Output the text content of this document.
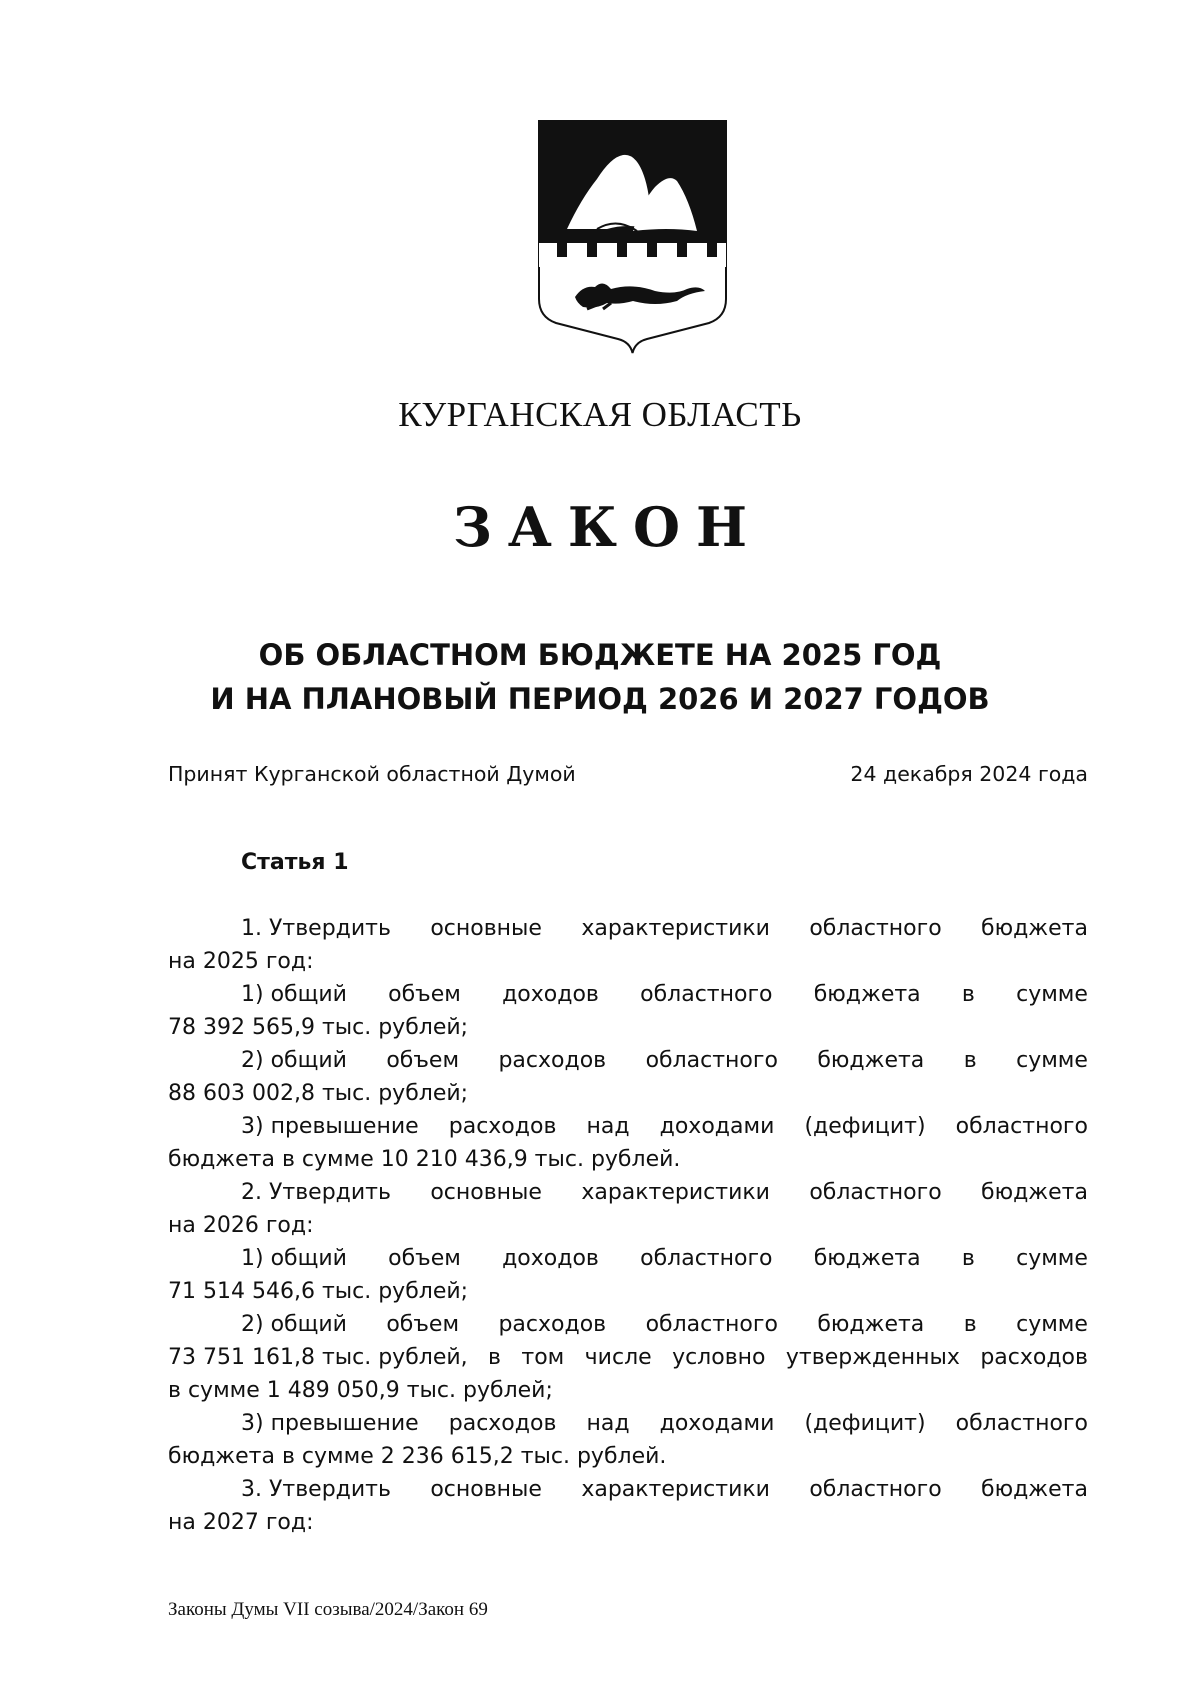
КУРГАНСКАЯ ОБЛАСТЬ
ЗАКОН
ОБ ОБЛАСТНОМ БЮДЖЕТЕ НА 2025 ГОД
И НА ПЛАНОВЫЙ ПЕРИОД 2026 И 2027 ГОДОВ
Принят Курганской областной Думой	24 декабря 2024 года
Статья 1
1. Утвердить основные характеристики областного бюджета
на 2025 год:
1) общий объем доходов областного бюджета в сумме
78 392 565,9 тыс. рублей;
2) общий объем расходов областного бюджета в сумме
88 603 002,8 тыс. рублей;
3) превышение расходов над доходами (дефицит) областного
бюджета в сумме 10 210 436,9 тыс. рублей.
2. Утвердить основные характеристики областного бюджета
на 2026 год:
1) общий объем доходов областного бюджета в сумме
71 514 546,6 тыс. рублей;
2) общий объем расходов областного бюджета в сумме
73 751 161,8 тыс. рублей, в том числе условно утвержденных расходов
в сумме 1 489 050,9 тыс. рублей;
3) превышение расходов над доходами (дефицит) областного
бюджета в сумме 2 236 615,2 тыс. рублей.
3. Утвердить основные характеристики областного бюджета
на 2027 год:
Законы Думы VII созыва/2024/Закон 69
